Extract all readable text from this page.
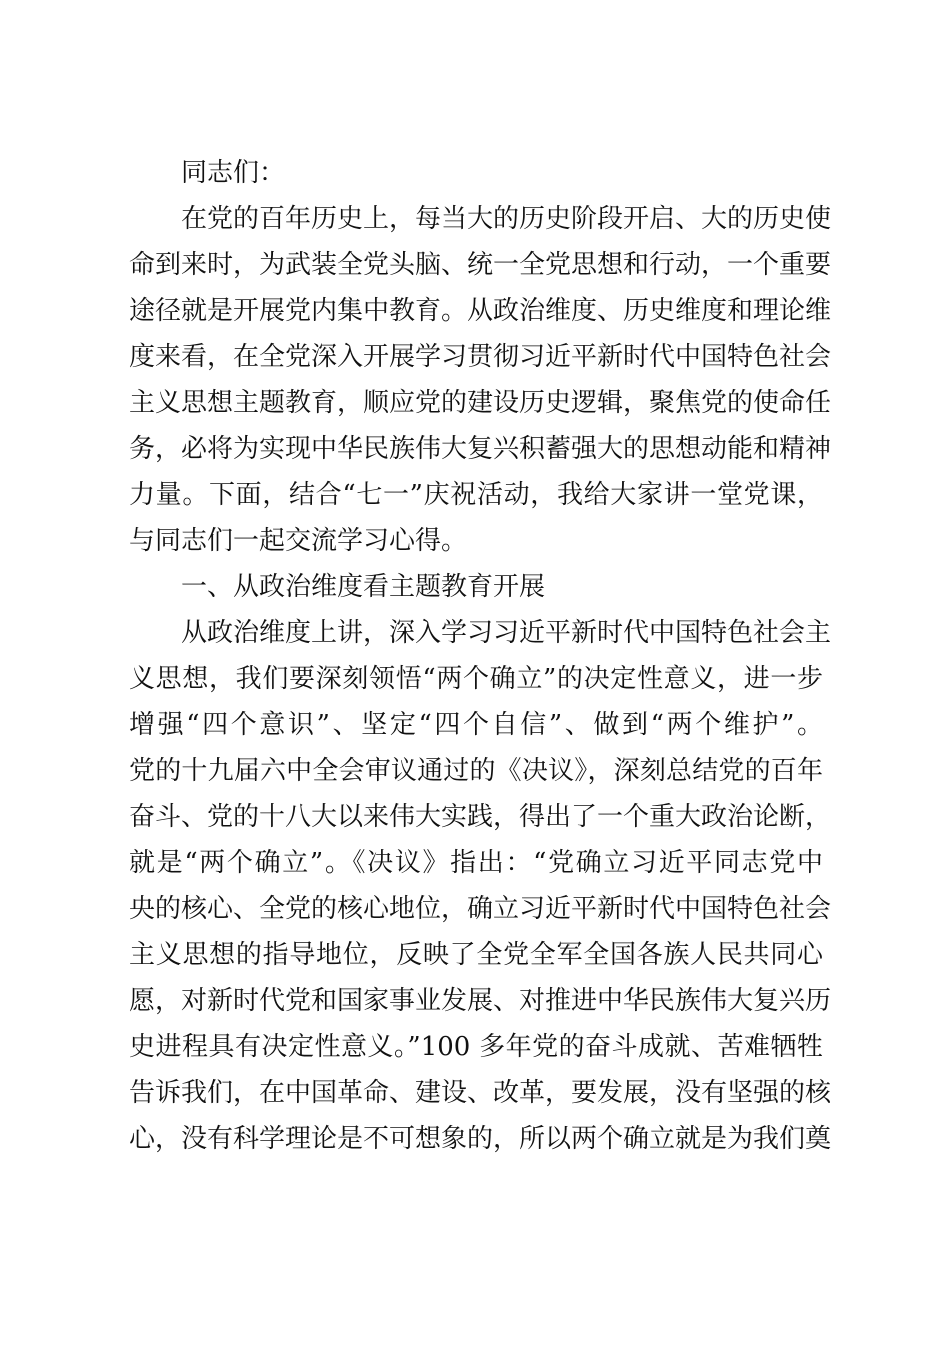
同志们：
在党的百年历史上，每当大的历史阶段开启、大的历史使
命到来时，为武装全党头脑、统一全党思想和行动，一个重要
途径就是开展党内集中教育。从政治维度、历史维度和理论维
度来看，在全党深入开展学习贯彻习近平新时代中国特色社会
主义思想主题教育，顺应党的建设历史逻辑，聚焦党的使命任
务，必将为实现中华民族伟大复兴积蓄强大的思想动能和精神
力量。下面，结合“七一”庆祝活动，我给大家讲一堂党课，
与同志们一起交流学习心得。
一、从政治维度看主题教育开展
从政治维度上讲，深入学习习近平新时代中国特色社会主
义思想，我们要深刻领悟“两个确立”的决定性意义，进一步
增强“四个意识”、坚定“四个自信”、做到“两个维护”。
党的十九届六中全会审议通过的《决议》，深刻总结党的百年
奋斗、党的十八大以来伟大实践，得出了一个重大政治论断，
就是“两个确立”。《决议》指出：“党确立习近平同志党中
央的核心、全党的核心地位，确立习近平新时代中国特色社会
主义思想的指导地位，反映了全党全军全国各族人民共同心
愿，对新时代党和国家事业发展、对推进中华民族伟大复兴历
史进程具有决定性意义。”100 多年党的奋斗成就、苦难牺牲
告诉我们，在中国革命、建设、改革，要发展，没有坚强的核
心，没有科学理论是不可想象的，所以两个确立就是为我们奠
